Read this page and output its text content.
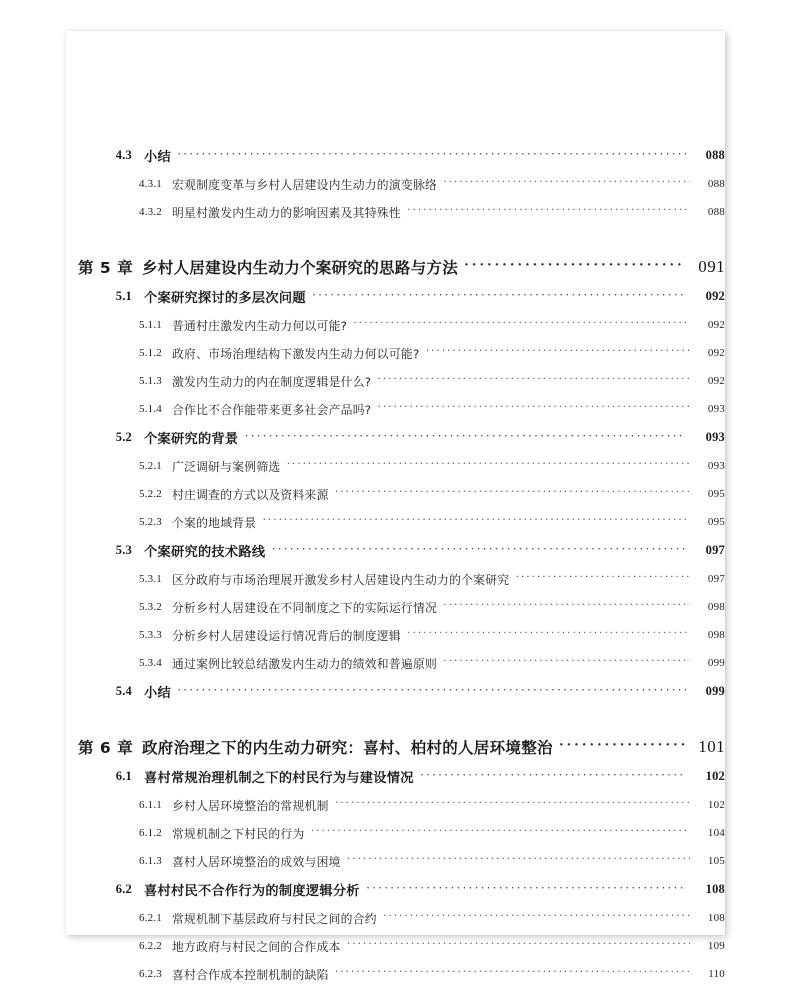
4.3 小结 ·····	088
4.3.1 宏观制度变革与乡村人居建设内生动力的演变脉络 ·····	088
4.3.2 明星村激发内生动力的影响因素及其特殊性 ·····	088
第 5 章 乡村人居建设内生动力个案研究的思路与方法 ·····	091
5.1 个案研究探讨的多层次问题 ·····	092
5.1.1 普通村庄激发内生动力何以可能? ·····	092
5.1.2 政府、市场治理结构下激发内生动力何以可能? ·····	092
5.1.3 激发内生动力的内在制度逻辑是什么? ·····	092
5.1.4 合作比不合作能带来更多社会产品吗? ·····	093
5.2 个案研究的背景 ·····	093
5.2.1 广泛调研与案例筛选 ·····	093
5.2.2 村庄调查的方式以及资料来源 ·····	095
5.2.3 个案的地域背景 ·····	095
5.3 个案研究的技术路线 ·····	097
5.3.1 区分政府与市场治理展开激发乡村人居建设内生动力的个案研究 ·····	097
5.3.2 分析乡村人居建设在不同制度之下的实际运行情况 ·····	098
5.3.3 分析乡村人居建设运行情况背后的制度逻辑 ·····	098
5.3.4 通过案例比较总结激发内生动力的绩效和普遍原则 ·····	099
5.4 小结 ·····	099
第 6 章 政府治理之下的内生动力研究：喜村、柏村的人居环境整治 ·····	101
6.1 喜村常规治理机制之下的村民行为与建设情况 ·····	102
6.1.1 乡村人居环境整治的常规机制 ·····	102
6.1.2 常规机制之下村民的行为 ·····	104
6.1.3 喜村人居环境整治的成效与困境 ·····	105
6.2 喜村村民不合作行为的制度逻辑分析 ·····	108
6.2.1 常规机制下基层政府与村民之间的合约 ·····	108
6.2.2 地方政府与村民之间的合作成本 ·····	109
6.2.3 喜村合作成本控制机制的缺陷 ·····	110
